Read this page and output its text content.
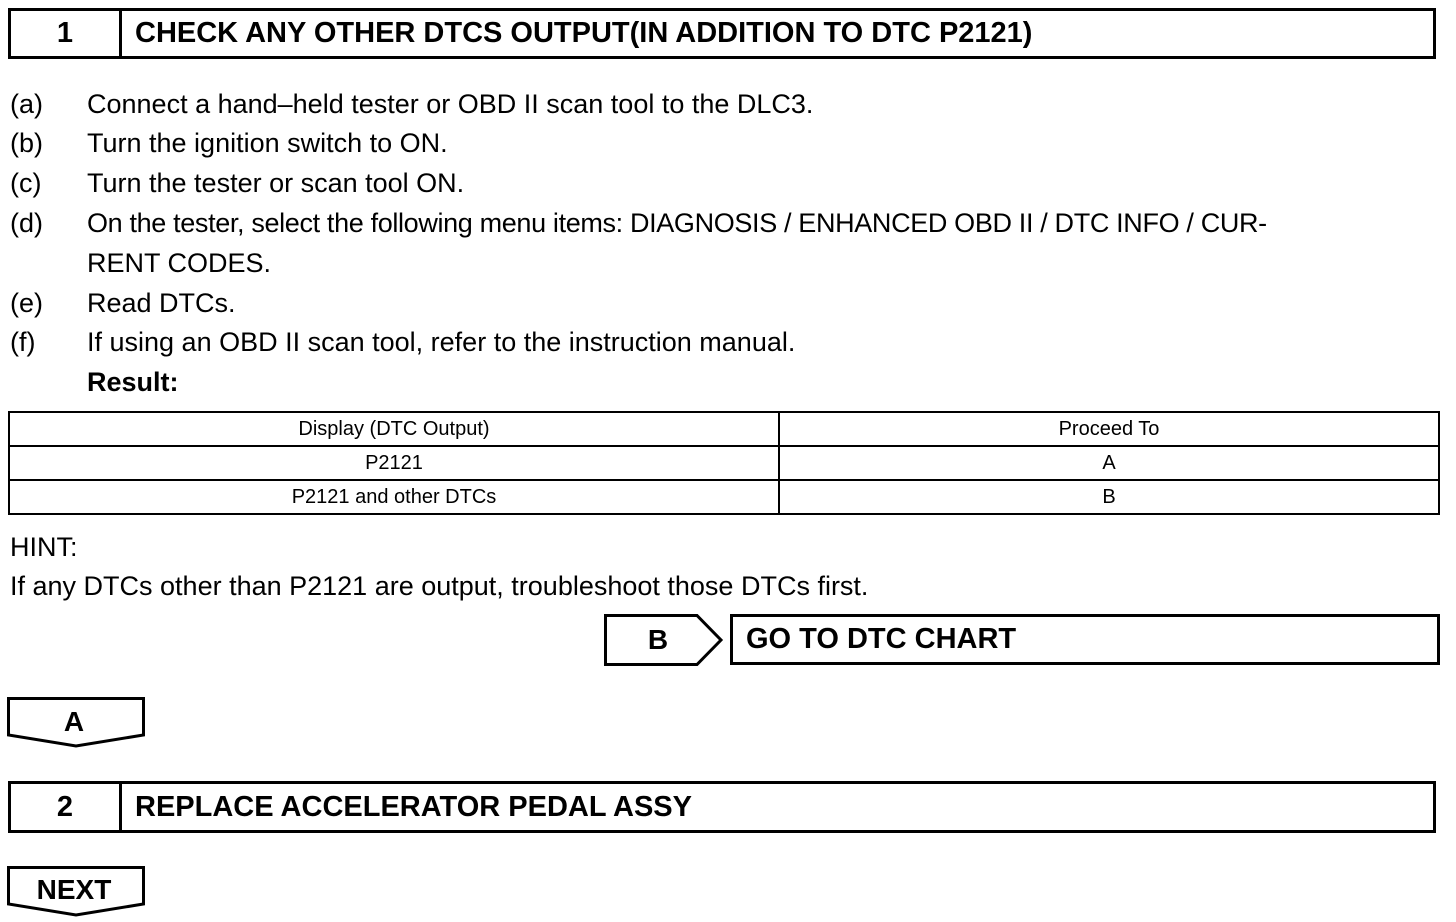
1	CHECK ANY OTHER DTCS OUTPUT(IN ADDITION TO DTC P2121)
(a) Connect a hand–held tester or OBD II scan tool to the DLC3.
(b) Turn the ignition switch to ON.
(c) Turn the tester or scan tool ON.
(d) On the tester, select the following menu items: DIAGNOSIS / ENHANCED OBD II / DTC INFO / CUR-
RENT CODES.
(e) Read DTCs.
(f) If using an OBD II scan tool, refer to the instruction manual.
Result:
Display (DTC Output)	Proceed To
P2121	A
P2121 and other DTCs	B
HINT:
If any DTCs other than P2121 are output, troubleshoot those DTCs first.
B	GO TO DTC CHART
A
2	REPLACE ACCELERATOR PEDAL ASSY
NEXT
